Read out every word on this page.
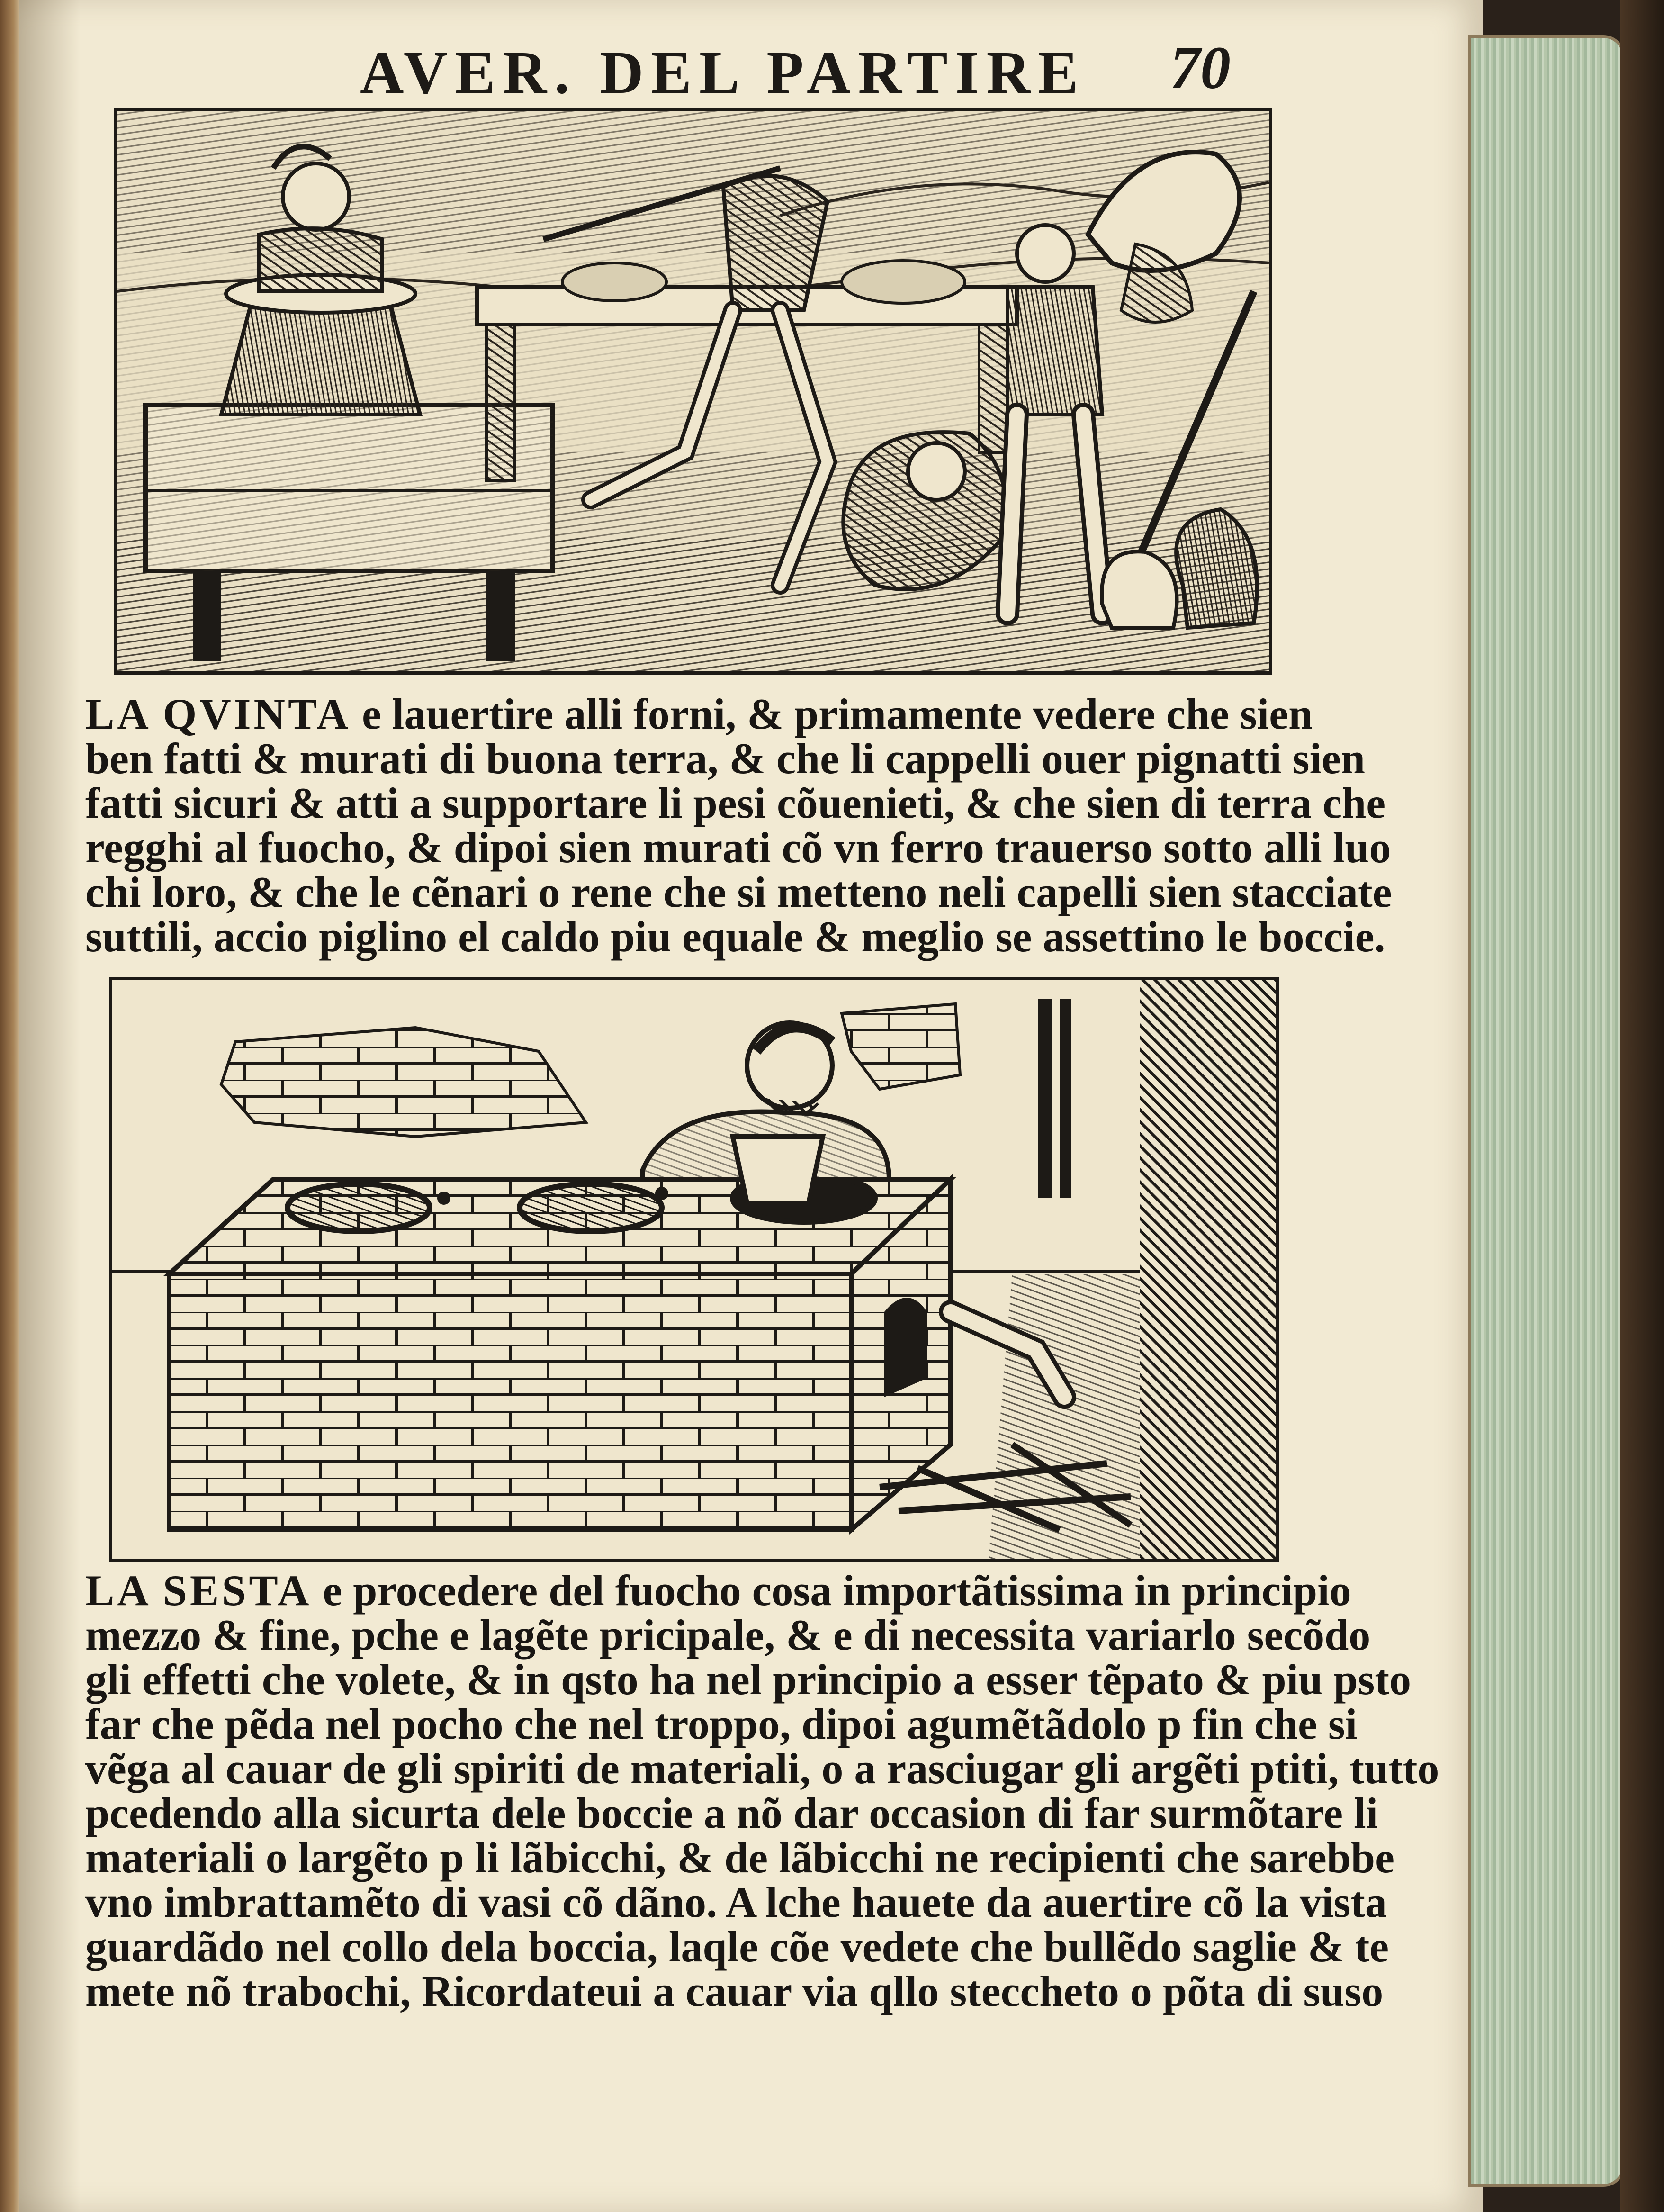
AVER. DEL PARTIRE 70
LA QVINTA e lauertire alli forni, & primamente vedere che sien
ben fatti & murati di buona terra, & che li cappelli ouer pignatti sien
fatti sicuri & atti a supportare li pesi cõuenieti, & che sien di terra che
regghi al fuocho, & dipoi sien murati cõ vn ferro trauerso sotto alli luo
chi loro, & che le cẽnari o rene che si metteno neli capelli sien stacciate
suttili, accio piglino el caldo piu equale & meglio se assettino le boccie.
LA SESTA e procedere del fuocho cosa importãtissima in principio
mezzo & fine, pche e lagẽte pricipale, & e di necessita variarlo secõdo
gli effetti che volete, & in qsto ha nel principio a esser tẽpato & piu psto
far che pẽda nel pocho che nel troppo, dipoi agumẽtãdolo p fin che si
vẽga al cauar de gli spiriti de materiali, o a rasciugar gli argẽti ptiti, tutto
pcedendo alla sicurta dele boccie a nõ dar occasion di far surmõtare li
materiali o largẽto p li lãbicchi, & de lãbicchi ne recipienti che sarebbe
vno imbrattamẽto di vasi cõ dãno. A lche hauete da auertire cõ la vista
guardãdo nel collo dela boccia, laqle cõe vedete che bullẽdo saglie & te
mete nõ trabochi, Ricordateui a cauar via qllo steccheto o põta di suso
